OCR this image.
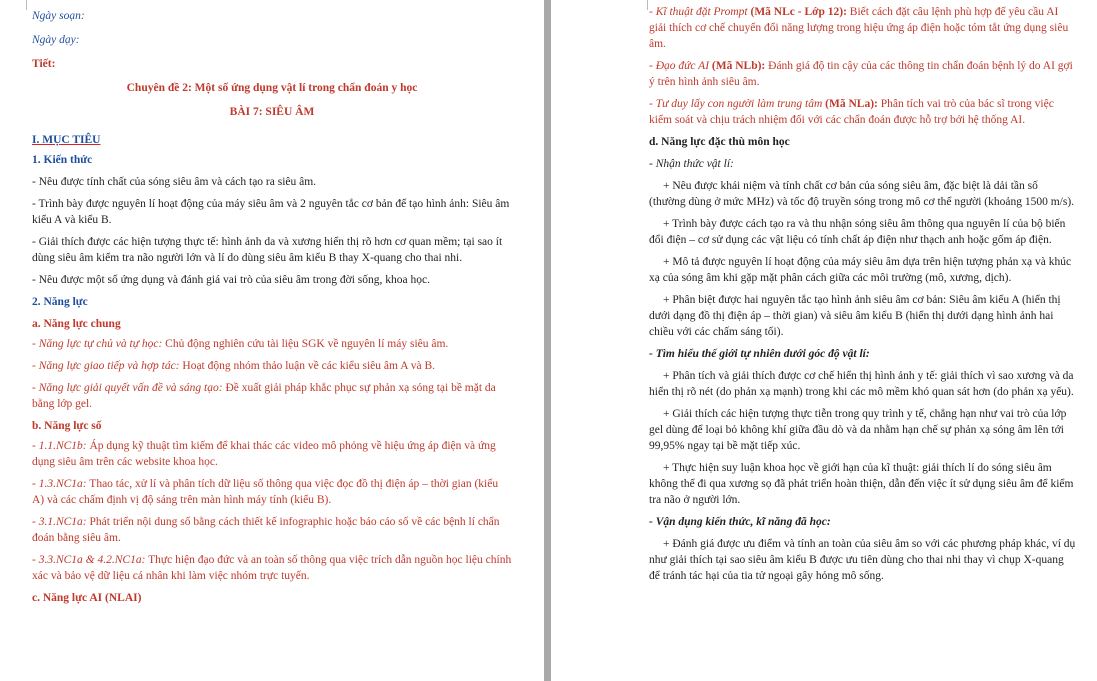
Ngày soạn:

Ngày dạy:

Tiết:

Chuyên đề 2: Một số ứng dụng vật lí trong chẩn đoán y học

BÀI 7: SIÊU ÂM

I. MỤC TIÊU

1. Kiến thức

- Nêu được tính chất của sóng siêu âm và cách tạo ra siêu âm.

- Trình bày được nguyên lí hoạt động của máy siêu âm và 2 nguyên tắc cơ bản để tạo hình ảnh: Siêu âm kiểu A và kiểu B.

- Giải thích được các hiện tượng thực tế: hình ảnh da và xương hiển thị rõ hơn cơ quan mềm; tại sao ít dùng siêu âm kiểm tra não người lớn và lí do dùng siêu âm kiểu B thay X-quang cho thai nhi.

- Nêu được một số ứng dụng và đánh giá vai trò của siêu âm trong đời sống, khoa học.

2. Năng lực

a. Năng lực chung

- Năng lực tự chủ và tự học: Chủ động nghiên cứu tài liệu SGK về nguyên lí máy siêu âm.

- Năng lực giao tiếp và hợp tác: Hoạt động nhóm thảo luận về các kiểu siêu âm A và B.

- Năng lực giải quyết vấn đề và sáng tạo: Đề xuất giải pháp khắc phục sự phản xạ sóng tại bề mặt da bằng lớp gel.

b. Năng lực số

- 1.1.NC1b: Áp dụng kỹ thuật tìm kiếm để khai thác các video mô phỏng về hiệu ứng áp điện và ứng dụng siêu âm trên các website khoa học.

- 1.3.NC1a: Thao tác, xử lí và phân tích dữ liệu số thông qua việc đọc đồ thị điện áp – thời gian (kiểu A) và các chấm định vị độ sáng trên màn hình máy tính (kiểu B).

- 3.1.NC1a: Phát triển nội dung số bằng cách thiết kế infographic hoặc báo cáo số về các bệnh lí chẩn đoán bằng siêu âm.

- 3.3.NC1a & 4.2.NC1a: Thực hiện đạo đức và an toàn số thông qua việc trích dẫn nguồn học liệu chính xác và bảo vệ dữ liệu cá nhân khi làm việc nhóm trực tuyến.

c. Năng lực AI (NLAI)

- Kĩ thuật đặt Prompt (Mã NLc - Lớp 12): Biết cách đặt câu lệnh phù hợp để yêu cầu AI giải thích cơ chế chuyển đổi năng lượng trong hiệu ứng áp điện hoặc tóm tắt ứng dụng siêu âm.

- Đạo đức AI (Mã NLb): Đánh giá độ tin cậy của các thông tin chẩn đoán bệnh lý do AI gợi ý trên hình ảnh siêu âm.

- Tư duy lấy con người làm trung tâm (Mã NLa): Phân tích vai trò của bác sĩ trong việc kiểm soát và chịu trách nhiệm đối với các chẩn đoán được hỗ trợ bởi hệ thống AI.

d. Năng lực đặc thù môn học

- Nhận thức vật lí:

+ Nêu được khái niệm và tính chất cơ bản của sóng siêu âm, đặc biệt là dải tần số (thường dùng ở mức MHz) và tốc độ truyền sóng trong mô cơ thể người (khoảng 1500 m/s).

+ Trình bày được cách tạo ra và thu nhận sóng siêu âm thông qua nguyên lí của bộ biến đổi điện – cơ sử dụng các vật liệu có tính chất áp điện như thạch anh hoặc gốm áp điện.

+ Mô tả được nguyên lí hoạt động của máy siêu âm dựa trên hiện tượng phản xạ và khúc xạ của sóng âm khi gặp mặt phân cách giữa các môi trường (mô, xương, dịch).

+ Phân biệt được hai nguyên tắc tạo hình ảnh siêu âm cơ bản: Siêu âm kiểu A (hiển thị dưới dạng đồ thị điện áp – thời gian) và siêu âm kiểu B (hiển thị dưới dạng hình ảnh hai chiều với các chấm sáng tối).

- Tìm hiểu thế giới tự nhiên dưới góc độ vật lí:

+ Phân tích và giải thích được cơ chế hiển thị hình ảnh y tế: giải thích vì sao xương và da hiển thị rõ nét (do phản xạ mạnh) trong khi các mô mềm khó quan sát hơn (do phản xạ yếu).

+ Giải thích các hiện tượng thực tiễn trong quy trình y tế, chẳng hạn như vai trò của lớp gel dùng để loại bỏ không khí giữa đầu dò và da nhằm hạn chế sự phản xạ sóng âm lên tới 99,95% ngay tại bề mặt tiếp xúc.

+ Thực hiện suy luận khoa học về giới hạn của kĩ thuật: giải thích lí do sóng siêu âm không thể đi qua xương sọ đã phát triển hoàn thiện, dẫn đến việc ít sử dụng siêu âm để kiểm tra não ở người lớn.

- Vận dụng kiến thức, kĩ năng đã học:

+ Đánh giá được ưu điểm và tính an toàn của siêu âm so với các phương pháp khác, ví dụ như giải thích tại sao siêu âm kiểu B được ưu tiên dùng cho thai nhi thay vì chụp X-quang để tránh tác hại của tia tử ngoại gây hỏng mô sống.
